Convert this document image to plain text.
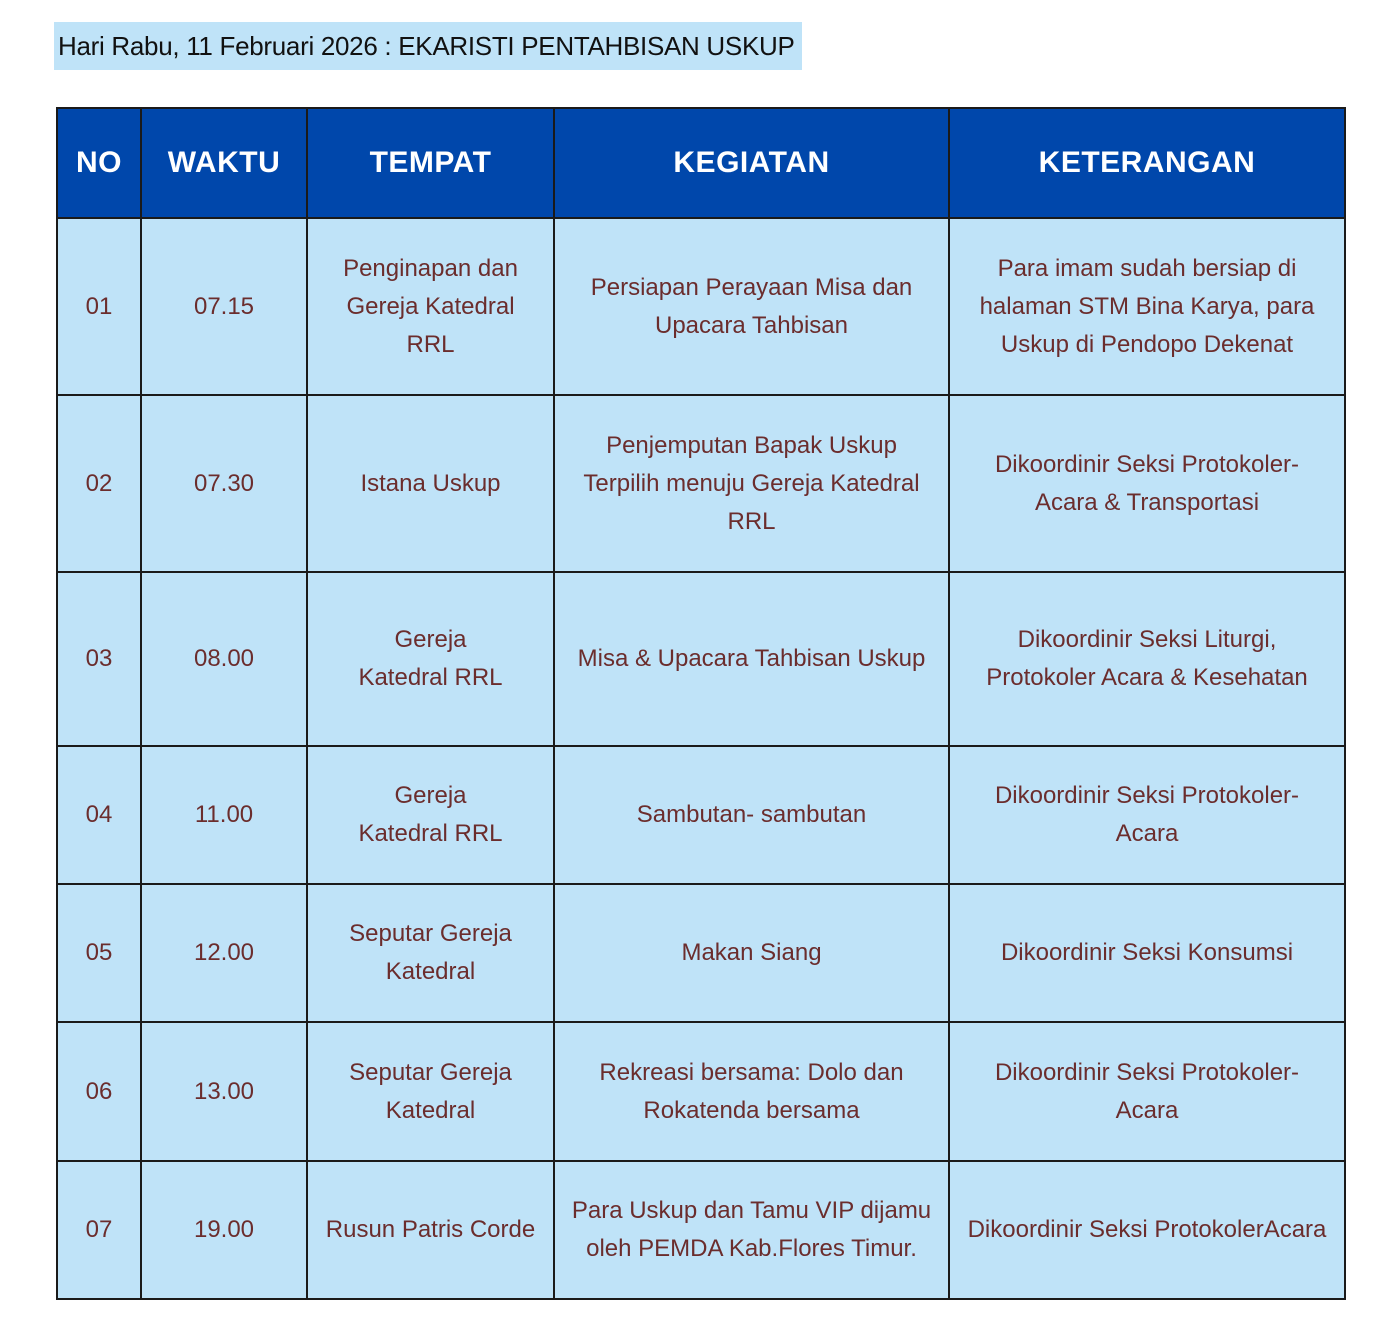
Hari Rabu, 11 Februari 2026 : EKARISTI PENTAHBISAN USKUP
NO	WAKTU	TEMPAT	KEGIATAN	KETERANGAN
01	07.15	Penginapan dan
Gereja Katedral
RRL	Persiapan Perayaan Misa dan
Upacara Tahbisan	Para imam sudah bersiap di
halaman STM Bina Karya, para
Uskup di Pendopo Dekenat
02	07.30	Istana Uskup	Penjemputan Bapak Uskup
Terpilih menuju Gereja Katedral
RRL	Dikoordinir Seksi Protokoler-
Acara & Transportasi
03	08.00	Gereja
Katedral RRL	Misa & Upacara Tahbisan Uskup	Dikoordinir Seksi Liturgi,
Protokoler Acara & Kesehatan
04	11.00	Gereja
Katedral RRL	Sambutan- sambutan	Dikoordinir Seksi Protokoler-
Acara
05	12.00	Seputar Gereja
Katedral	Makan Siang	Dikoordinir Seksi Konsumsi
06	13.00	Seputar Gereja
Katedral	Rekreasi bersama: Dolo dan
Rokatenda bersama	Dikoordinir Seksi Protokoler-
Acara
07	19.00	Rusun Patris Corde	Para Uskup dan Tamu VIP dijamu
oleh PEMDA Kab.Flores Timur.	Dikoordinir Seksi ProtokolerAcara
